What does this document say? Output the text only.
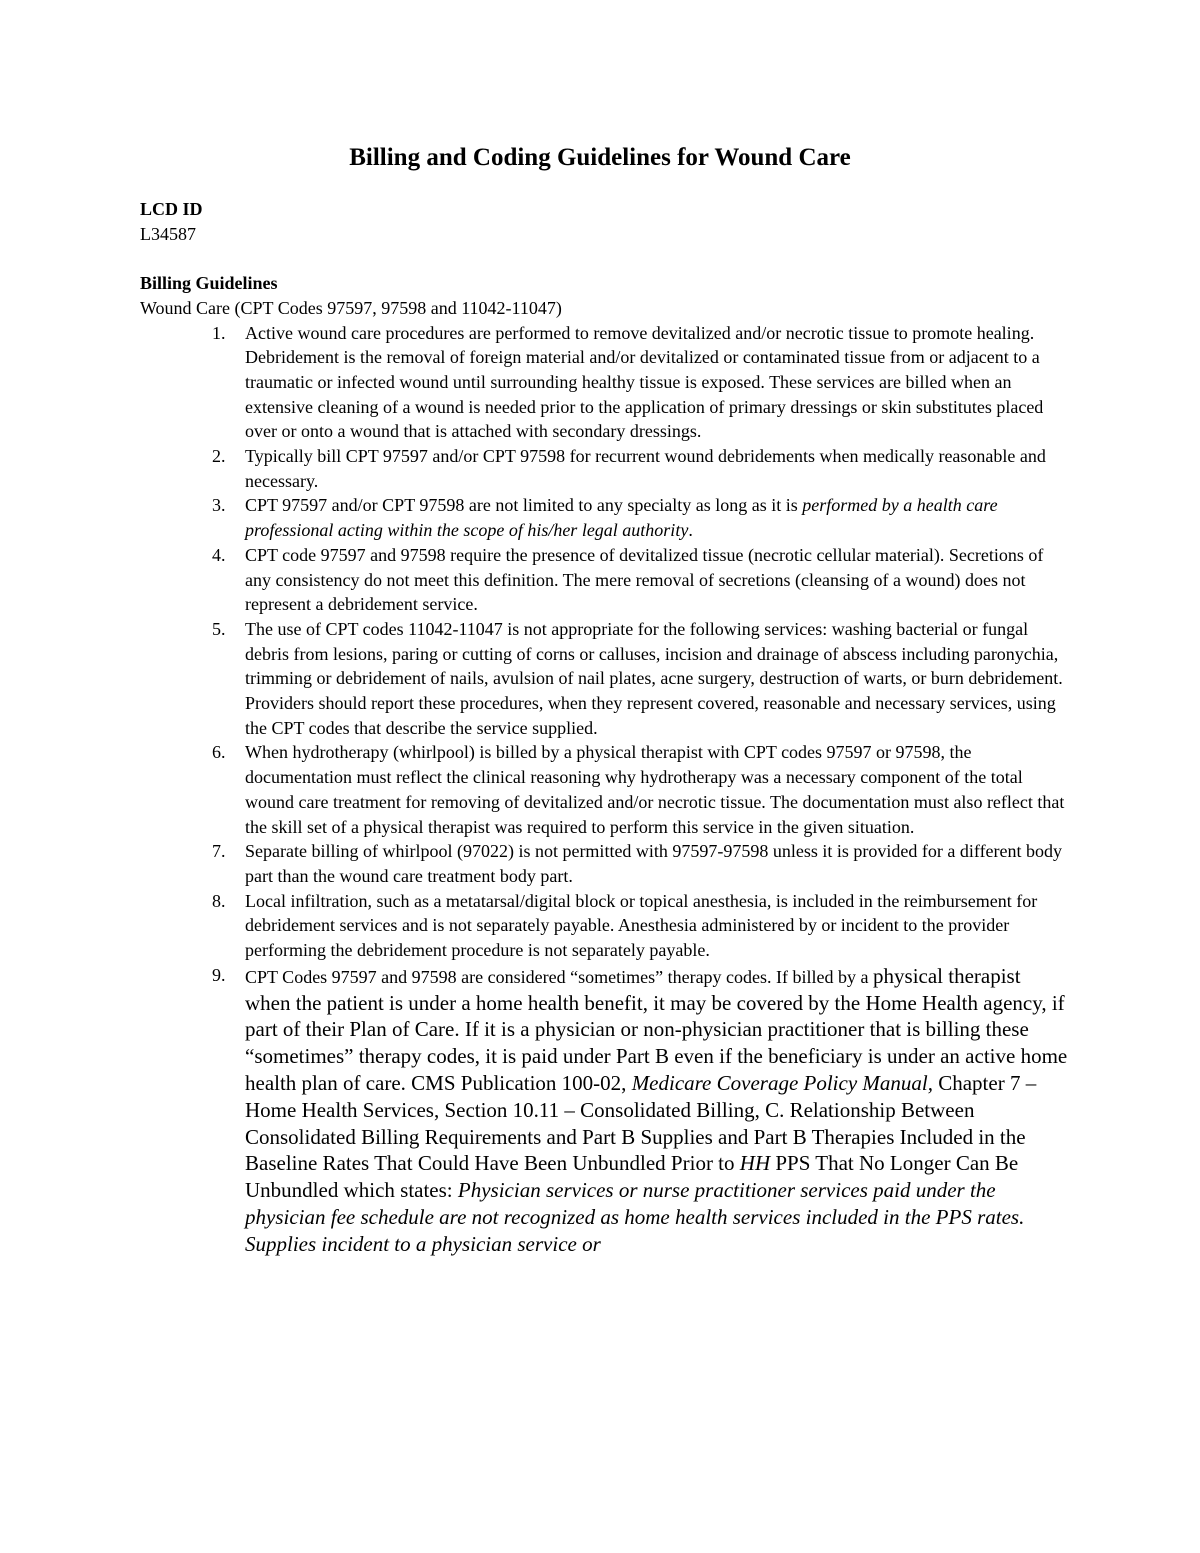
Billing and Coding Guidelines for Wound Care

LCD ID

L34587

Billing Guidelines

Wound Care (CPT Codes 97597, 97598 and 11042-11047)

1. Active wound care procedures are performed to remove devitalized and/or necrotic tissue to promote healing. Debridement is the removal of foreign material and/or devitalized or contaminated tissue from or adjacent to a traumatic or infected wound until surrounding healthy tissue is exposed. These services are billed when an extensive cleaning of a wound is needed prior to the application of primary dressings or skin substitutes placed over or onto a wound that is attached with secondary dressings.
2. Typically bill CPT 97597 and/or CPT 97598 for recurrent wound debridements when medically reasonable and necessary.
3. CPT 97597 and/or CPT 97598 are not limited to any specialty as long as it is performed by a health care professional acting within the scope of his/her legal authority.
4. CPT code 97597 and 97598 require the presence of devitalized tissue (necrotic cellular material). Secretions of any consistency do not meet this definition. The mere removal of secretions (cleansing of a wound) does not represent a debridement service.
5. The use of CPT codes 11042-11047 is not appropriate for the following services: washing bacterial or fungal debris from lesions, paring or cutting of corns or calluses, incision and drainage of abscess including paronychia, trimming or debridement of nails, avulsion of nail plates, acne surgery, destruction of warts, or burn debridement. Providers should report these procedures, when they represent covered, reasonable and necessary services, using the CPT codes that describe the service supplied.
6. When hydrotherapy (whirlpool) is billed by a physical therapist with CPT codes 97597 or 97598, the documentation must reflect the clinical reasoning why hydrotherapy was a necessary component of the total wound care treatment for removing of devitalized and/or necrotic tissue. The documentation must also reflect that the skill set of a physical therapist was required to perform this service in the given situation.
7. Separate billing of whirlpool (97022) is not permitted with 97597-97598 unless it is provided for a different body part than the wound care treatment body part.
8. Local infiltration, such as a metatarsal/digital block or topical anesthesia, is included in the reimbursement for debridement services and is not separately payable. Anesthesia administered by or incident to the provider performing the debridement procedure is not separately payable.
9. CPT Codes 97597 and 97598 are considered “sometimes” therapy codes. If billed by a physical therapist when the patient is under a home health benefit, it may be covered by the Home Health agency, if part of their Plan of Care. If it is a physician or non-physician practitioner that is billing these “sometimes” therapy codes, it is paid under Part B even if the beneficiary is under an active home health plan of care. CMS Publication 100-02, Medicare Coverage Policy Manual, Chapter 7 – Home Health Services, Section 10.11 – Consolidated Billing, C. Relationship Between Consolidated Billing Requirements and Part B Supplies and Part B Therapies Included in the Baseline Rates That Could Have Been Unbundled Prior to HH PPS That No Longer Can Be Unbundled which states: Physician services or nurse practitioner services paid under the physician fee schedule are not recognized as home health services included in the PPS rates. Supplies incident to a physician service or
